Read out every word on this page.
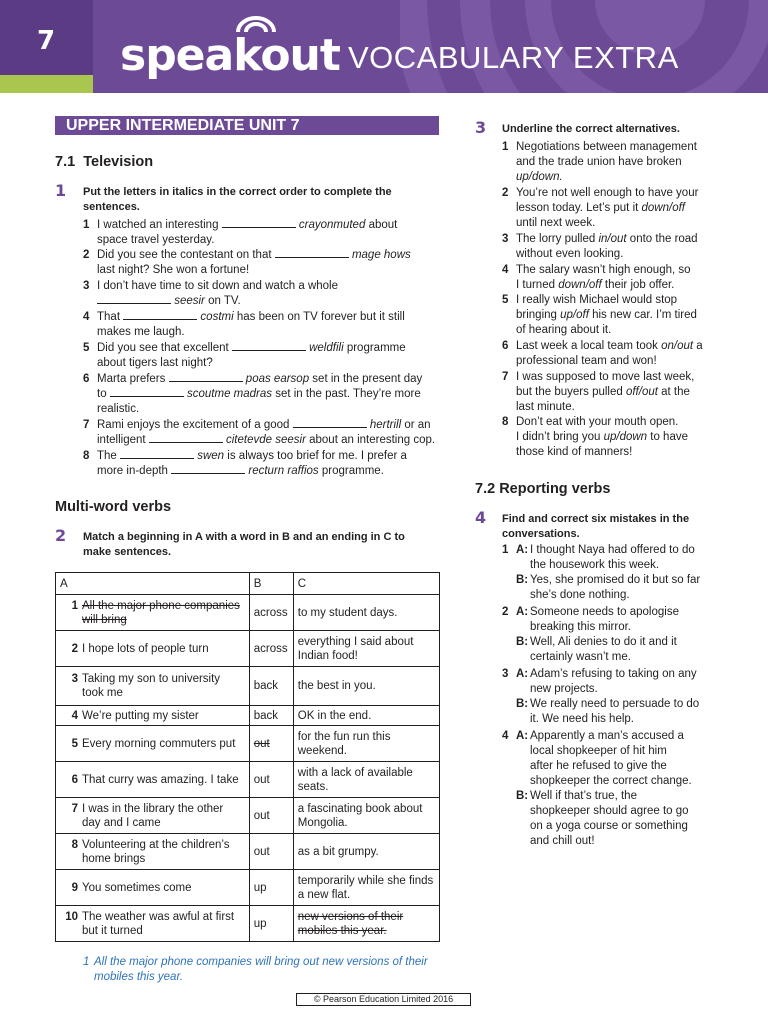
7	speakout VOCABULARY EXTRA
UPPER INTERMEDIATE UNIT 7
7.1 Television
1 Put the letters in italics in the correct order to complete the
sentences.
1 I watched an interesting	crayonmuted about
space travel yesterday.
2 Did you see the contestant on that	mage hows
last night? She won a fortune!
3 I don’t have time to sit down and watch a whole
seesir on TV.
4 That	costmi has been on TV forever but it still
makes me laugh.
5 Did you see that excellent	weldfili programme
about tigers last night?
6 Marta prefers	poas earsop set in the present day
to	scoutme madras set in the past. They’re more
realistic.
7 Rami enjoys the excitement of a good	hertrill or an
intelligent	citetevde seesir about an interesting cop.
8 The	swen is always too brief for me. I prefer a
more in-depth	recturn raffios programme.
Multi-word verbs
2 Match a beginning in A with a word in B and an ending in C to
make sentences.
A	B	C
1 All the major phone companies will bring	across	to my student days.
2 I hope lots of people turn	across	everything I said about Indian food!
3 Taking my son to university took me	back	the best in you.
4 We’re putting my sister	back	OK in the end.
5 Every morning commuters put	out	for the fun run this weekend.
6 That curry was amazing. I take	out	with a lack of available seats.
7 I was in the library the other day and I came	out	a fascinating book about Mongolia.
8 Volunteering at the children’s home brings	out	as a bit grumpy.
9 You sometimes come	up	temporarily while she finds a new flat.
10 The weather was awful at first but it turned	up	new versions of their mobiles this year.
1 All the major phone companies will bring out new versions of their
mobiles this year.
© Pearson Education Limited 2016
3 Underline the correct alternatives.
1 Negotiations between management
and the trade union have broken
up/down.
2 You’re not well enough to have your
lesson today. Let’s put it down/off
until next week.
3 The lorry pulled in/out onto the road
without even looking.
4 The salary wasn’t high enough, so
I turned down/off their job offer.
5 I really wish Michael would stop
bringing up/off his new car. I’m tired
of hearing about it.
6 Last week a local team took on/out a
professional team and won!
7 I was supposed to move last week,
but the buyers pulled off/out at the
last minute.
8 Don’t eat with your mouth open.
I didn’t bring you up/down to have
those kind of manners!
7.2 Reporting verbs
4 Find and correct six mistakes in the
conversations.
1 A: I thought Naya had offered to do
the housework this week.
B: Yes, she promised do it but so far
she’s done nothing.
2 A: Someone needs to apologise
breaking this mirror.
B: Well, Ali denies to do it and it
certainly wasn’t me.
3 A: Adam’s refusing to taking on any
new projects.
B: We really need to persuade to do
it. We need his help.
4 A: Apparently a man’s accused a
local shopkeeper of hit him
after he refused to give the
shopkeeper the correct change.
B: Well if that’s true, the
shopkeeper should agree to go
on a yoga course or something
and chill out!
